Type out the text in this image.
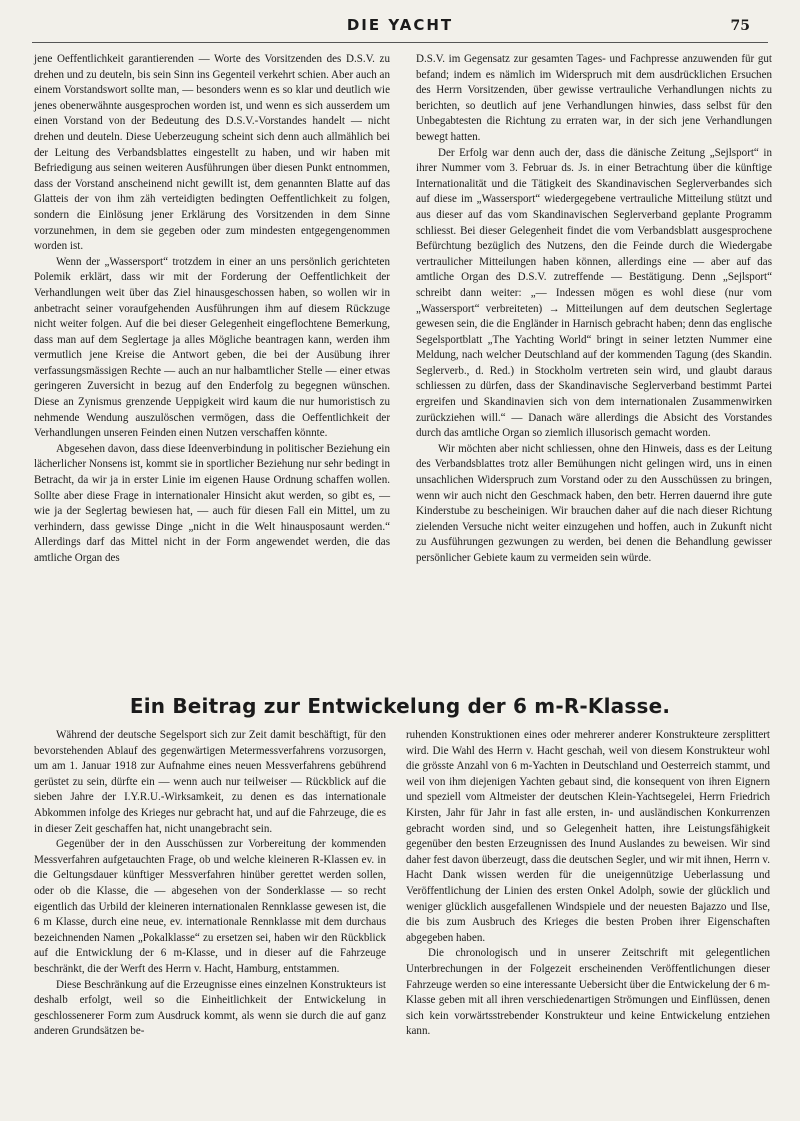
DIE YACHT	75

jene Oeffentlichkeit garantierenden — Worte des Vorsitzenden des D.S.V. zu drehen und zu deuteln, bis sein Sinn ins Gegenteil verkehrt schien. Aber auch an einem Vorstandswort sollte man, — besonders wenn es so klar und deutlich wie jenes obenerwähnte ausgesprochen worden ist, und wenn es sich ausserdem um einen Vorstand von der Bedeutung des D.S.V.-Vorstandes handelt — nicht drehen und deuteln. Diese Ueberzeugung scheint sich denn auch allmählich bei der Leitung des Verbandsblattes eingestellt zu haben, und wir haben mit Befriedigung aus seinen weiteren Ausführungen über diesen Punkt entnommen, dass der Vorstand anscheinend nicht gewillt ist, dem genannten Blatte auf das Glatteis der von ihm zäh verteidigten bedingten Oeffentlichkeit zu folgen, sondern die Einlösung jener Erklärung des Vorsitzenden in dem Sinne vorzunehmen, in dem sie gegeben oder zum mindesten entgegengenommen worden ist.

Wenn der „Wassersport“ trotzdem in einer an uns persönlich gerichteten Polemik erklärt, dass wir mit der Forderung der Oeffentlichkeit der Verhandlungen weit über das Ziel hinausgeschossen haben, so wollen wir in anbetracht seiner voraufgehenden Ausführungen ihm auf diesem Rückzuge nicht weiter folgen. Auf die bei dieser Gelegenheit eingeflochtene Bemerkung, dass man auf dem Seglertage ja alles Mögliche beantragen kann, werden ihm vermutlich jene Kreise die Antwort geben, die bei der Ausübung ihrer verfassungsmässigen Rechte — auch an nur halbamtlicher Stelle — einer etwas geringeren Zuversicht in bezug auf den Enderfolg zu begegnen wünschen. Diese an Zynismus grenzende Ueppigkeit wird kaum die nur humoristisch zu nehmende Wendung auszulöschen vermögen, dass die Oeffentlichkeit der Verhandlungen unseren Feinden einen Nutzen verschaffen könnte.

Abgesehen davon, dass diese Ideenverbindung in politischer Beziehung ein lächerlicher Nonsens ist, kommt sie in sportlicher Beziehung nur sehr bedingt in Betracht, da wir ja in erster Linie im eigenen Hause Ordnung schaffen wollen. Sollte aber diese Frage in internationaler Hinsicht akut werden, so gibt es, — wie ja der Seglertag bewiesen hat, — auch für diesen Fall ein Mittel, um zu verhindern, dass gewisse Dinge „nicht in die Welt hinausposaunt werden.“ Allerdings darf das Mittel nicht in der Form angewendet werden, die das amtliche Organ des

D.S.V. im Gegensatz zur gesamten Tages- und Fachpresse anzuwenden für gut befand; indem es nämlich im Widerspruch mit dem ausdrücklichen Ersuchen des Herrn Vorsitzenden, über gewisse vertrauliche Verhandlungen nichts zu berichten, so deutlich auf jene Verhandlungen hinwies, dass selbst für den Unbegabtesten die Richtung zu erraten war, in der sich jene Verhandlungen bewegt hatten.

Der Erfolg war denn auch der, dass die dänische Zeitung „Sejlsport“ in ihrer Nummer vom 3. Februar ds. Js. in einer Betrachtung über die künftige Internationalität und die Tätigkeit des Skandinavischen Seglerverbandes sich auf diese im „Wassersport“ wiedergegebene vertrauliche Mitteilung stützt und aus dieser auf das vom Skandinavischen Seglerverband geplante Programm schliesst. Bei dieser Gelegenheit findet die vom Verbandsblatt ausgesprochene Befürchtung bezüglich des Nutzens, den die Feinde durch die Wiedergabe vertraulicher Mitteilungen haben können, allerdings eine — aber auf das amtliche Organ des D.S.V. zutreffende — Bestätigung. Denn „Sejlsport“ schreibt dann weiter: „— Indessen mögen es wohl diese (nur vom „Wassersport“ verbreiteten) → Mitteilungen auf dem deutschen Seglertage gewesen sein, die die Engländer in Harnisch gebracht haben; denn das englische Segelsportblatt „The Yachting World“ bringt in seiner letzten Nummer eine Meldung, nach welcher Deutschland auf der kommenden Tagung (des Skandin. Seglerverb., d. Red.) in Stockholm vertreten sein wird, und glaubt daraus schliessen zu dürfen, dass der Skandinavische Seglerverband bestimmt Partei ergreifen und Skandinavien sich von dem internationalen Zusammenwirken zurückziehen will.“ — Danach wäre allerdings die Absicht des Vorstandes durch das amtliche Organ so ziemlich illusorisch gemacht worden.

Wir möchten aber nicht schliessen, ohne den Hinweis, dass es der Leitung des Verbandsblattes trotz aller Bemühungen nicht gelingen wird, uns in einen unsachlichen Widerspruch zum Vorstand oder zu den Ausschüssen zu bringen, wenn wir auch nicht den Geschmack haben, den betr. Herren dauernd ihre gute Kinderstube zu bescheinigen. Wir brauchen daher auf die nach dieser Richtung zielenden Versuche nicht weiter einzugehen und hoffen, auch in Zukunft nicht zu Ausführungen gezwungen zu werden, bei denen die Behandlung gewisser persönlicher Gebiete kaum zu vermeiden sein würde.

Ein Beitrag zur Entwickelung der 6 m-R-Klasse.

Während der deutsche Segelsport sich zur Zeit damit beschäftigt, für den bevorstehenden Ablauf des gegenwärtigen Metermessverfahrens vorzusorgen, um am 1. Januar 1918 zur Aufnahme eines neuen Messverfahrens gebührend gerüstet zu sein, dürfte ein — wenn auch nur teilweiser — Rückblick auf die sieben Jahre der I.Y.R.U.-Wirksamkeit, zu denen es das internationale Abkommen infolge des Krieges nur gebracht hat, und auf die Fahrzeuge, die es in dieser Zeit geschaffen hat, nicht unangebracht sein.

Gegenüber der in den Ausschüssen zur Vorbereitung der kommenden Messverfahren aufgetauchten Frage, ob und welche kleineren R-Klassen ev. in die Geltungsdauer künftiger Messverfahren hinüber gerettet werden sollen, oder ob die Klasse, die — abgesehen von der Sonderklasse — so recht eigentlich das Urbild der kleineren internationalen Rennklasse gewesen ist, die 6 m Klasse, durch eine neue, ev. internationale Rennklasse mit dem durchaus bezeichnenden Namen „Pokalklasse“ zu ersetzen sei, haben wir den Rückblick auf die Entwicklung der 6 m-Klasse, und in dieser auf die Fahrzeuge beschränkt, die der Werft des Herrn v. Hacht, Hamburg, entstammen.

Diese Beschränkung auf die Erzeugnisse eines einzelnen Konstrukteurs ist deshalb erfolgt, weil so die Einheitlichkeit der Entwickelung in geschlossenerer Form zum Ausdruck kommt, als wenn sie durch die auf ganz anderen Grundsätzen be-

ruhenden Konstruktionen eines oder mehrerer anderer Konstrukteure zersplittert wird. Die Wahl des Herrn v. Hacht geschah, weil von diesem Konstrukteur wohl die grösste Anzahl von 6 m-Yachten in Deutschland und Oesterreich stammt, und weil von ihm diejenigen Yachten gebaut sind, die konsequent von ihren Eignern und speziell vom Altmeister der deutschen Klein-Yachtsegelei, Herrn Friedrich Kirsten, Jahr für Jahr in fast alle ersten, in- und ausländischen Konkurrenzen gebracht worden sind, und so Gelegenheit hatten, ihre Leistungsfähigkeit gegenüber den besten Erzeugnissen des Inund Auslandes zu beweisen. Wir sind daher fest davon überzeugt, dass die deutschen Segler, und wir mit ihnen, Herrn v. Hacht Dank wissen werden für die uneigennützige Ueberlassung und Veröffentlichung der Linien des ersten Onkel Adolph, sowie der glücklich und weniger glücklich ausgefallenen Windspiele und der neuesten Bajazzo und Ilse, die bis zum Ausbruch des Krieges die besten Proben ihrer Eigenschaften abgegeben haben.

Die chronologisch und in unserer Zeitschrift mit gelegentlichen Unterbrechungen in der Folgezeit erscheinenden Veröffentlichungen dieser Fahrzeuge werden so eine interessante Uebersicht über die Entwickelung der 6 m-Klasse geben mit all ihren verschiedenartigen Strömungen und Einflüssen, denen sich kein vorwärtsstrebender Konstrukteur und keine Entwickelung entziehen kann.
